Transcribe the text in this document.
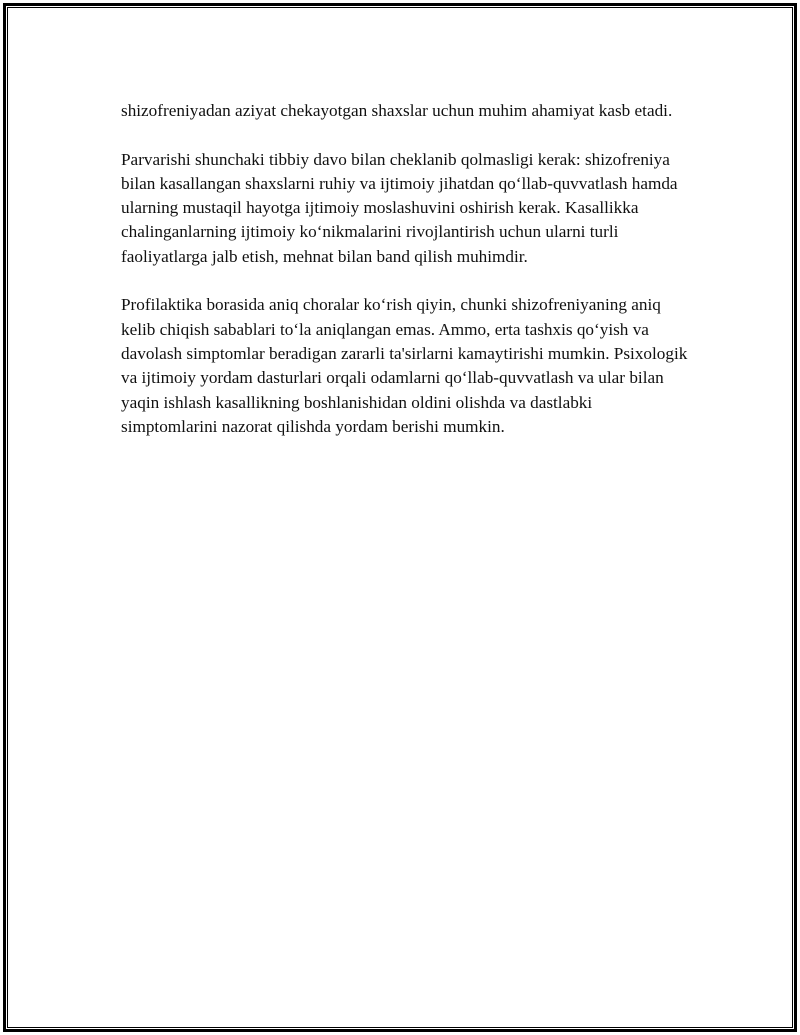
shizofreniyadan aziyat chekayotgan shaxslar uchun muhim ahamiyat kasb etadi.

Parvarishi shunchaki tibbiy davo bilan cheklanib qolmasligi kerak: shizofreniya bilan kasallangan shaxslarni ruhiy va ijtimoiy jihatdan qo‘llab-quvvatlash hamda ularning mustaqil hayotga ijtimoiy moslashuvini oshirish kerak. Kasallikka chalinganlarning ijtimoiy ko‘nikmalarini rivojlantirish uchun ularni turli faoliyatlarga jalb etish, mehnat bilan band qilish muhimdir.

Profilaktika borasida aniq choralar ko‘rish qiyin, chunki shizofreniyaning aniq kelib chiqish sabablari to‘la aniqlangan emas. Ammo, erta tashxis qo‘yish va davolash simptomlar beradigan zararli ta'sirlarni kamaytirishi mumkin. Psixologik va ijtimoiy yordam dasturlari orqali odamlarni qo‘llab-quvvatlash va ular bilan yaqin ishlash kasallikning boshlanishidan oldini olishda va dastlabki simptomlarini nazorat qilishda yordam berishi mumkin.
